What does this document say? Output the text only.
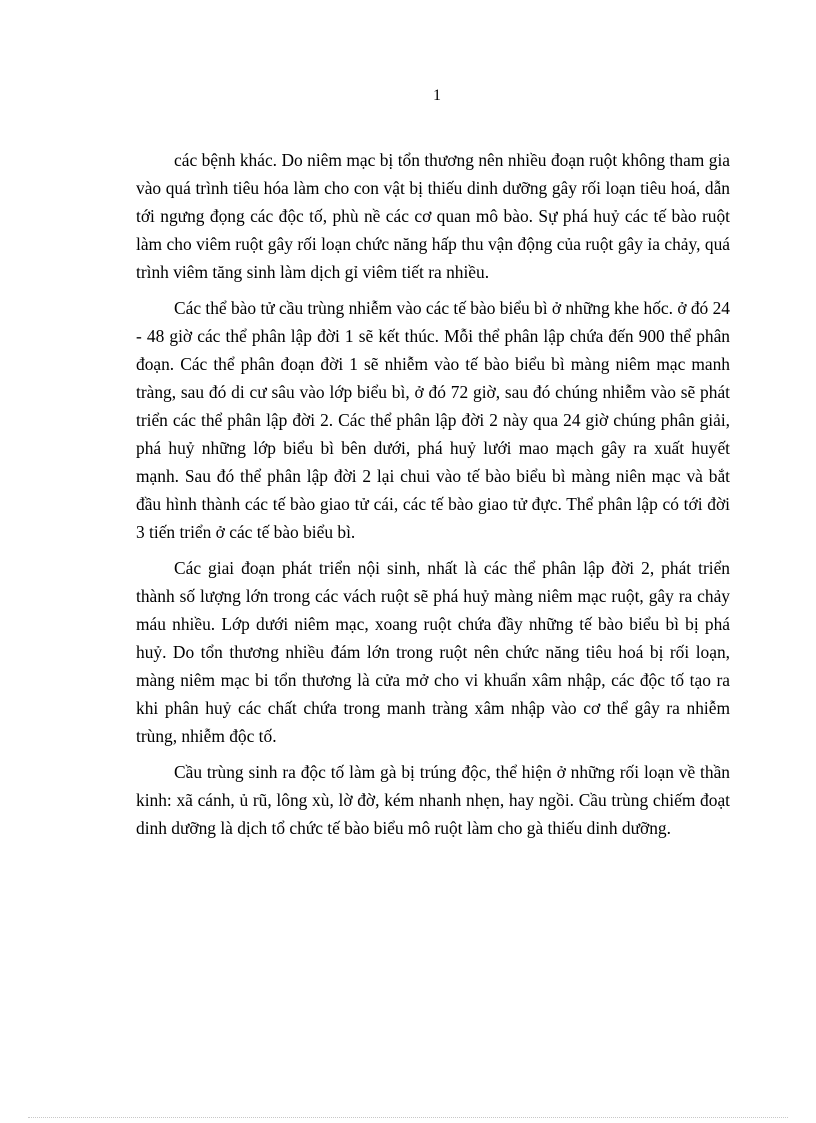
1

các bệnh khác. Do niêm mạc bị tổn thương nên nhiều đoạn ruột không tham gia vào quá trình tiêu hóa làm cho con vật bị thiếu dinh dưỡng gây rối loạn tiêu hoá, dẫn tới ngưng đọng các độc tố, phù nề các cơ quan mô bào. Sự phá huỷ các tế bào ruột làm cho viêm ruột gây rối loạn chức năng hấp thu vận động của ruột gây ỉa chảy, quá trình viêm tăng sinh làm dịch gỉ viêm tiết ra nhiều.

Các thể bào tử cầu trùng nhiễm vào các tế bào biểu bì ở những khe hốc. ở đó 24 - 48 giờ các thể phân lập đời 1 sẽ kết thúc. Mỗi thể phân lập chứa đến 900 thể phân đoạn. Các thể phân đoạn đời 1 sẽ nhiễm vào tế bào biểu bì màng niêm mạc manh tràng, sau đó di cư sâu vào lớp biểu bì, ở đó 72 giờ, sau đó chúng nhiễm vào sẽ phát triển các thể phân lập đời 2. Các thể phân lập đời 2 này qua 24 giờ chúng phân giải, phá huỷ những lớp biểu bì bên dưới, phá huỷ lưới mao mạch gây ra xuất huyết mạnh. Sau đó thể phân lập đời 2 lại chui vào tế bào biểu bì màng niên mạc và bắt đầu hình thành các tế bào giao tử cái, các tế bào giao tử đực. Thể phân lập có tới đời 3 tiến triển ở các tế bào biểu bì.

Các giai đoạn phát triển nội sinh, nhất là các thể phân lập đời 2, phát triển thành số lượng lớn trong các vách ruột sẽ phá huỷ màng niêm mạc ruột, gây ra chảy máu nhiều. Lớp dưới niêm mạc, xoang ruột chứa đầy những tế bào biểu bì bị phá huỷ. Do tổn thương nhiều đám lớn trong ruột nên chức năng tiêu hoá bị rối loạn, màng niêm mạc bi tổn thương là cửa mở cho vi khuẩn xâm nhập, các độc tố tạo ra khi phân huỷ các chất chứa trong manh tràng xâm nhập vào cơ thể gây ra nhiễm trùng, nhiễm độc tố.

Cầu trùng sinh ra độc tố làm gà bị trúng độc, thể hiện ở những rối loạn về thần kinh: xã cánh, ủ rũ, lông xù, lờ đờ, kém nhanh nhẹn, hay ngồi. Cầu trùng chiếm đoạt dinh dưỡng là dịch tổ chức tế bào biểu mô ruột làm cho gà thiếu dinh dưỡng.
